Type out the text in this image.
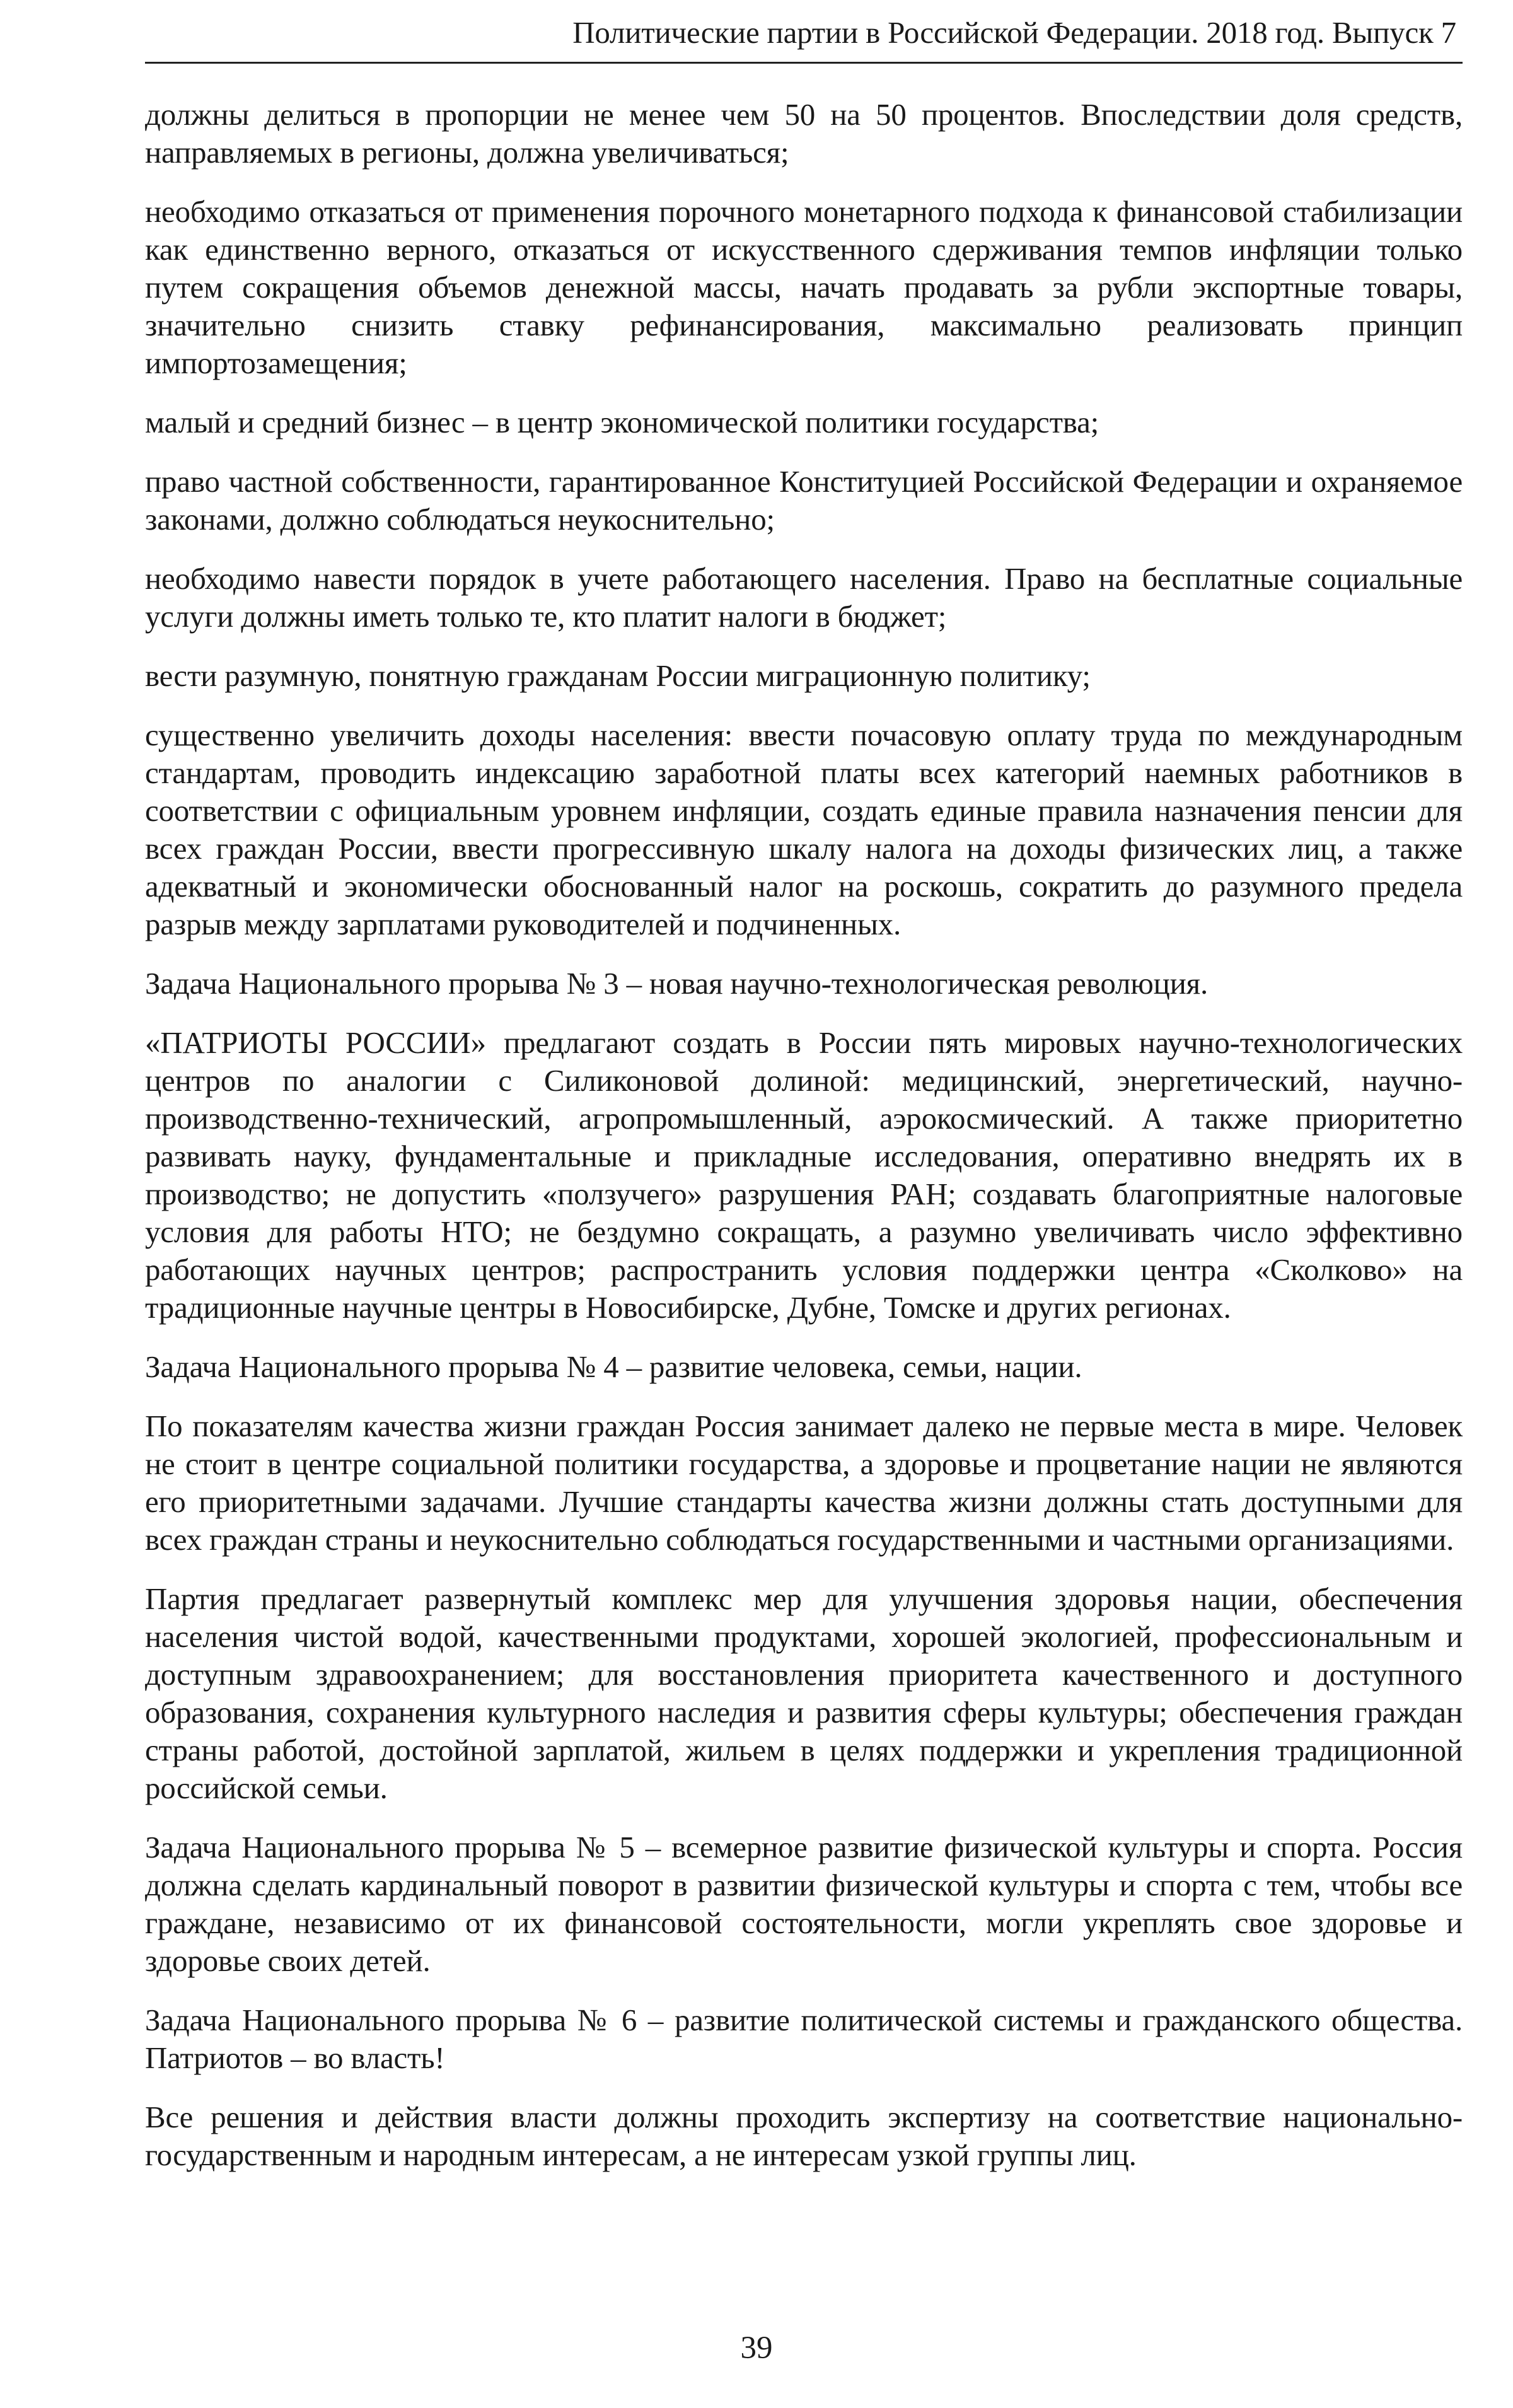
Политические партии в Российской Федерации. 2018 год. Выпуск 7

должны делиться в пропорции не менее чем 50 на 50 процентов. Впоследствии доля средств, направляемых в регионы, должна увеличиваться;

необходимо отказаться от применения порочного монетарного подхода к финансовой стабилизации как единственно верного, отказаться от искусственного сдерживания темпов инфляции только путем сокращения объемов денежной массы, начать продавать за рубли экспортные товары, значительно снизить ставку рефинансирования, максимально реализовать принцип импортозамещения;

малый и средний бизнес – в центр экономической политики государства;

право частной собственности, гарантированное Конституцией Российской Федерации и охраняемое законами, должно соблюдаться неукоснительно;

необходимо навести порядок в учете работающего населения. Право на бесплатные социальные услуги должны иметь только те, кто платит налоги в бюджет;

вести разумную, понятную гражданам России миграционную политику;

существенно увеличить доходы населения: ввести почасовую оплату труда по международным стандартам, проводить индексацию заработной платы всех категорий наемных работников в соответствии с официальным уровнем инфляции, создать единые правила назначения пенсии для всех граждан России, ввести прогрессивную шкалу налога на доходы физических лиц, а также адекватный и экономически обоснованный налог на роскошь, сократить до разумного предела разрыв между зарплатами руководителей и подчиненных.

Задача Национального прорыва № 3 – новая научно-технологическая революция.

«ПАТРИОТЫ РОССИИ» предлагают создать в России пять мировых научно-технологических центров по аналогии с Силиконовой долиной: медицинский, энергетический, научно-производственно-технический, агропромышленный, аэрокосмический. А также приоритетно развивать науку, фундаментальные и прикладные исследования, оперативно внедрять их в производство; не допустить «ползучего» разрушения РАН; создавать благоприятные налоговые условия для работы НТО; не бездумно сокращать, а разумно увеличивать число эффективно работающих научных центров; распространить условия поддержки центра «Сколково» на традиционные научные центры в Новосибирске, Дубне, Томске и других регионах.

Задача Национального прорыва № 4 – развитие человека, семьи, нации.

По показателям качества жизни граждан Россия занимает далеко не первые места в мире. Человек не стоит в центре социальной политики государства, а здоровье и процветание нации не являются его приоритетными задачами. Лучшие стандарты качества жизни должны стать доступными для всех граждан страны и неукоснительно соблюдаться государственными и частными организациями.

Партия предлагает развернутый комплекс мер для улучшения здоровья нации, обеспечения населения чистой водой, качественными продуктами, хорошей экологией, профессиональным и доступным здравоохранением; для восстановления приоритета качественного и доступного образования, сохранения культурного наследия и развития сферы культуры; обеспечения граждан страны работой, достойной зарплатой, жильем в целях поддержки и укрепления традиционной российской семьи.

Задача Национального прорыва № 5 – всемерное развитие физической культуры и спорта. Россия должна сделать кардинальный поворот в развитии физической культуры и спорта с тем, чтобы все граждане, независимо от их финансовой состоятельности, могли укреплять свое здоровье и здоровье своих детей.

Задача Национального прорыва № 6 – развитие политической системы и гражданского общества. Патриотов – во власть!

Все решения и действия власти должны проходить экспертизу на соответствие национально-государственным и народным интересам, а не интересам узкой группы лиц.

39
